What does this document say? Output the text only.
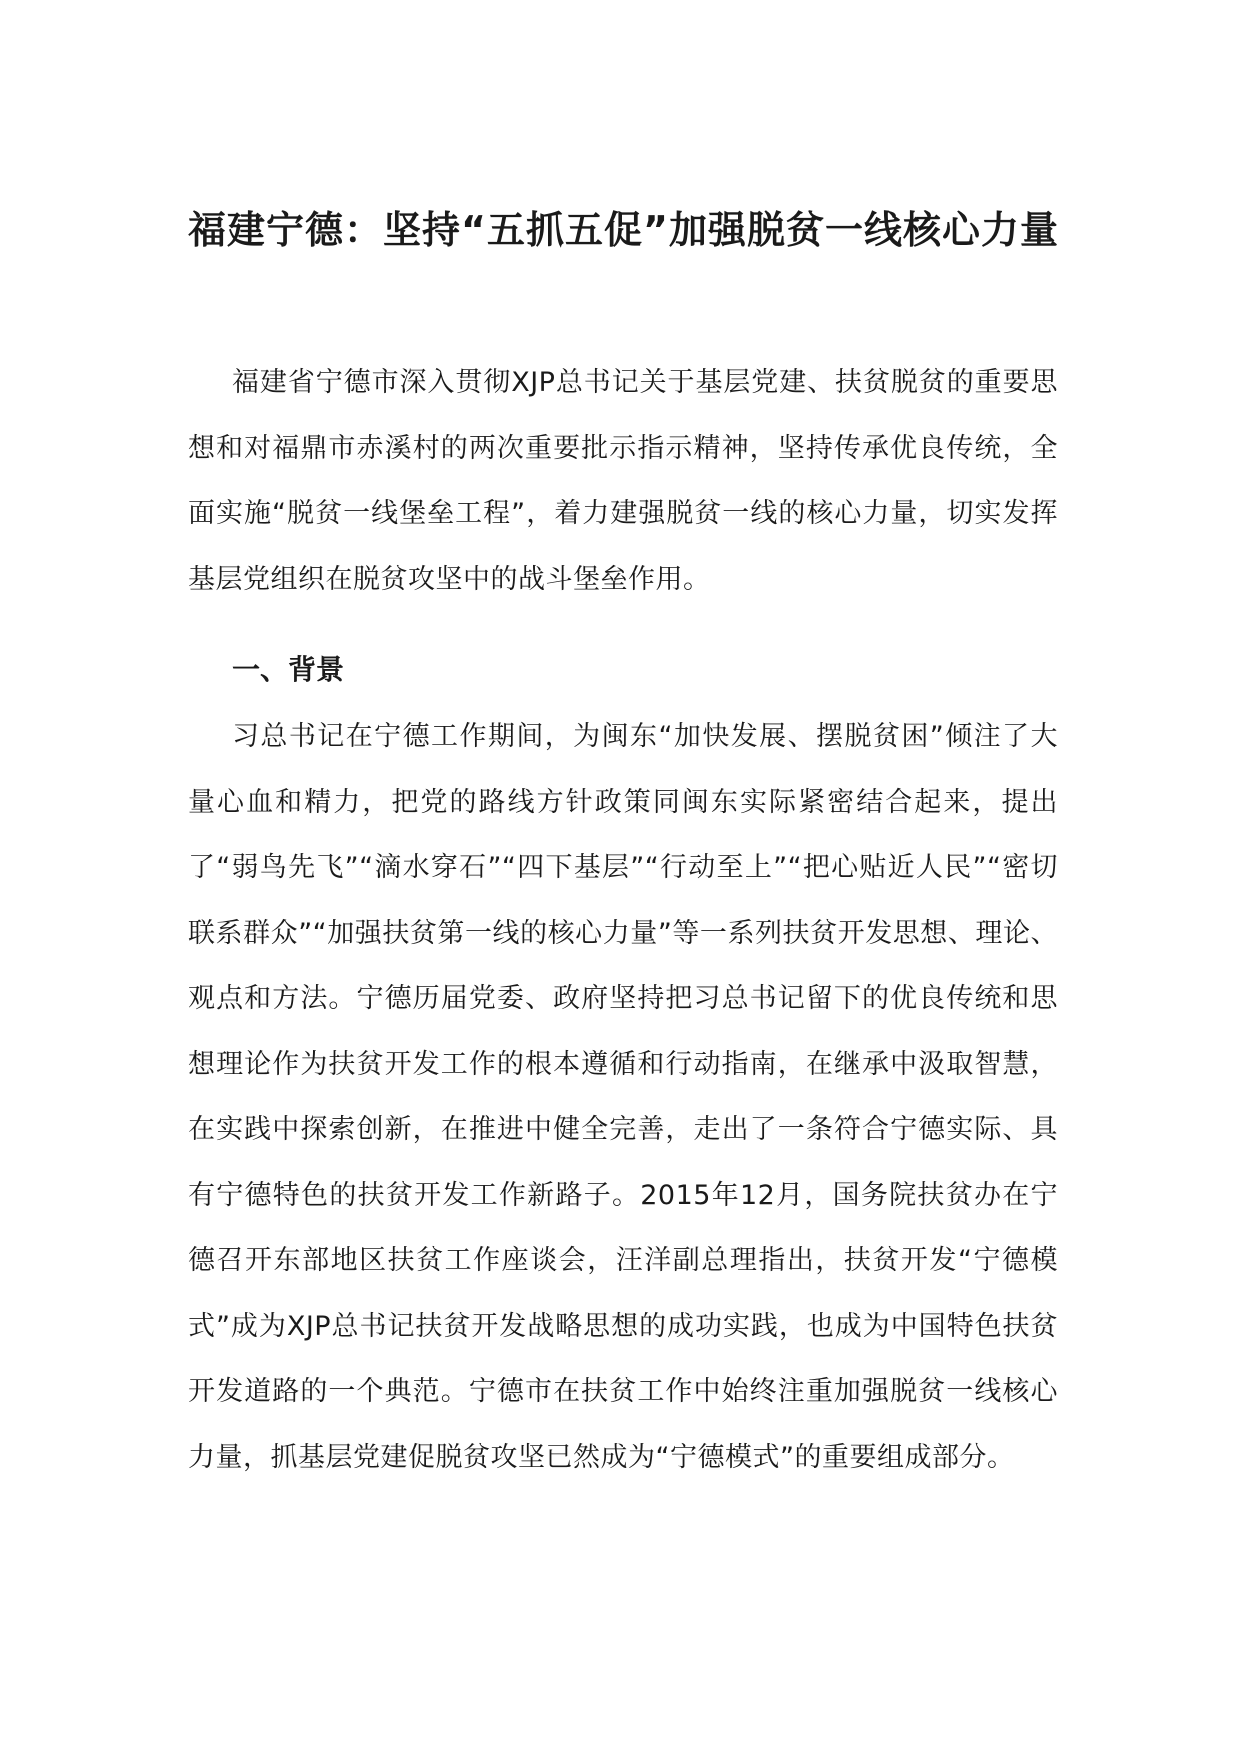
福建宁德：坚持“五抓五促”加强脱贫一线核心力量

福建省宁德市深入贯彻XJP总书记关于基层党建、扶贫脱贫的重要思想和对福鼎市赤溪村的两次重要批示指示精神，坚持传承优良传统，全面实施“脱贫一线堡垒工程”，着力建强脱贫一线的核心力量，切实发挥基层党组织在脱贫攻坚中的战斗堡垒作用。

一、背景

习总书记在宁德工作期间，为闽东“加快发展、摆脱贫困”倾注了大量心血和精力，把党的路线方针政策同闽东实际紧密结合起来，提出了“弱鸟先飞”“滴水穿石”“四下基层”“行动至上”“把心贴近人民”“密切联系群众”“加强扶贫第一线的核心力量”等一系列扶贫开发思想、理论、观点和方法。宁德历届党委、政府坚持把习总书记留下的优良传统和思想理论作为扶贫开发工作的根本遵循和行动指南，在继承中汲取智慧，在实践中探索创新，在推进中健全完善，走出了一条符合宁德实际、具有宁德特色的扶贫开发工作新路子。2015年12月，国务院扶贫办在宁德召开东部地区扶贫工作座谈会，汪洋副总理指出，扶贫开发“宁德模式”成为XJP总书记扶贫开发战略思想的成功实践，也成为中国特色扶贫开发道路的一个典范。宁德市在扶贫工作中始终注重加强脱贫一线核心力量，抓基层党建促脱贫攻坚已然成为“宁德模式”的重要组成部分。
